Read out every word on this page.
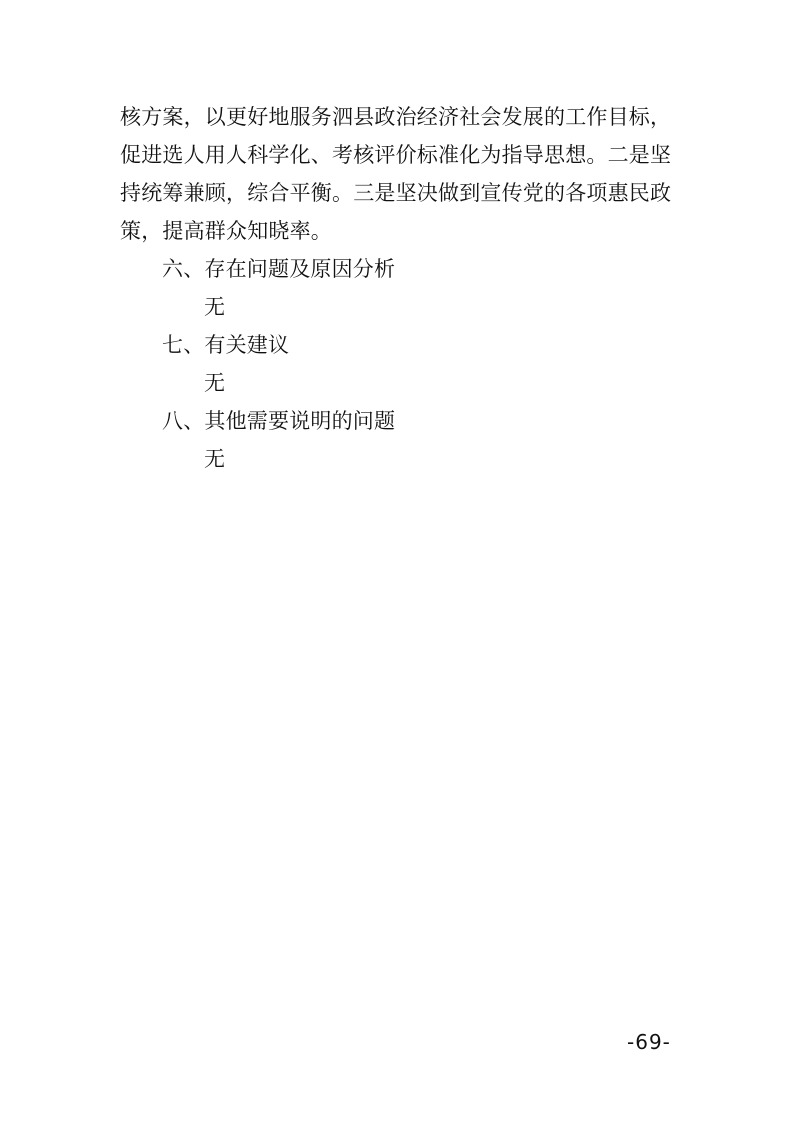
核方案，以更好地服务泗县政治经济社会发展的工作目标，
促进选人用人科学化、考核评价标准化为指导思想。二是坚
持统筹兼顾，综合平衡。三是坚决做到宣传党的各项惠民政
策，提高群众知晓率。
六、存在问题及原因分析
无
七、有关建议
无
八、其他需要说明的问题
无
-69-
